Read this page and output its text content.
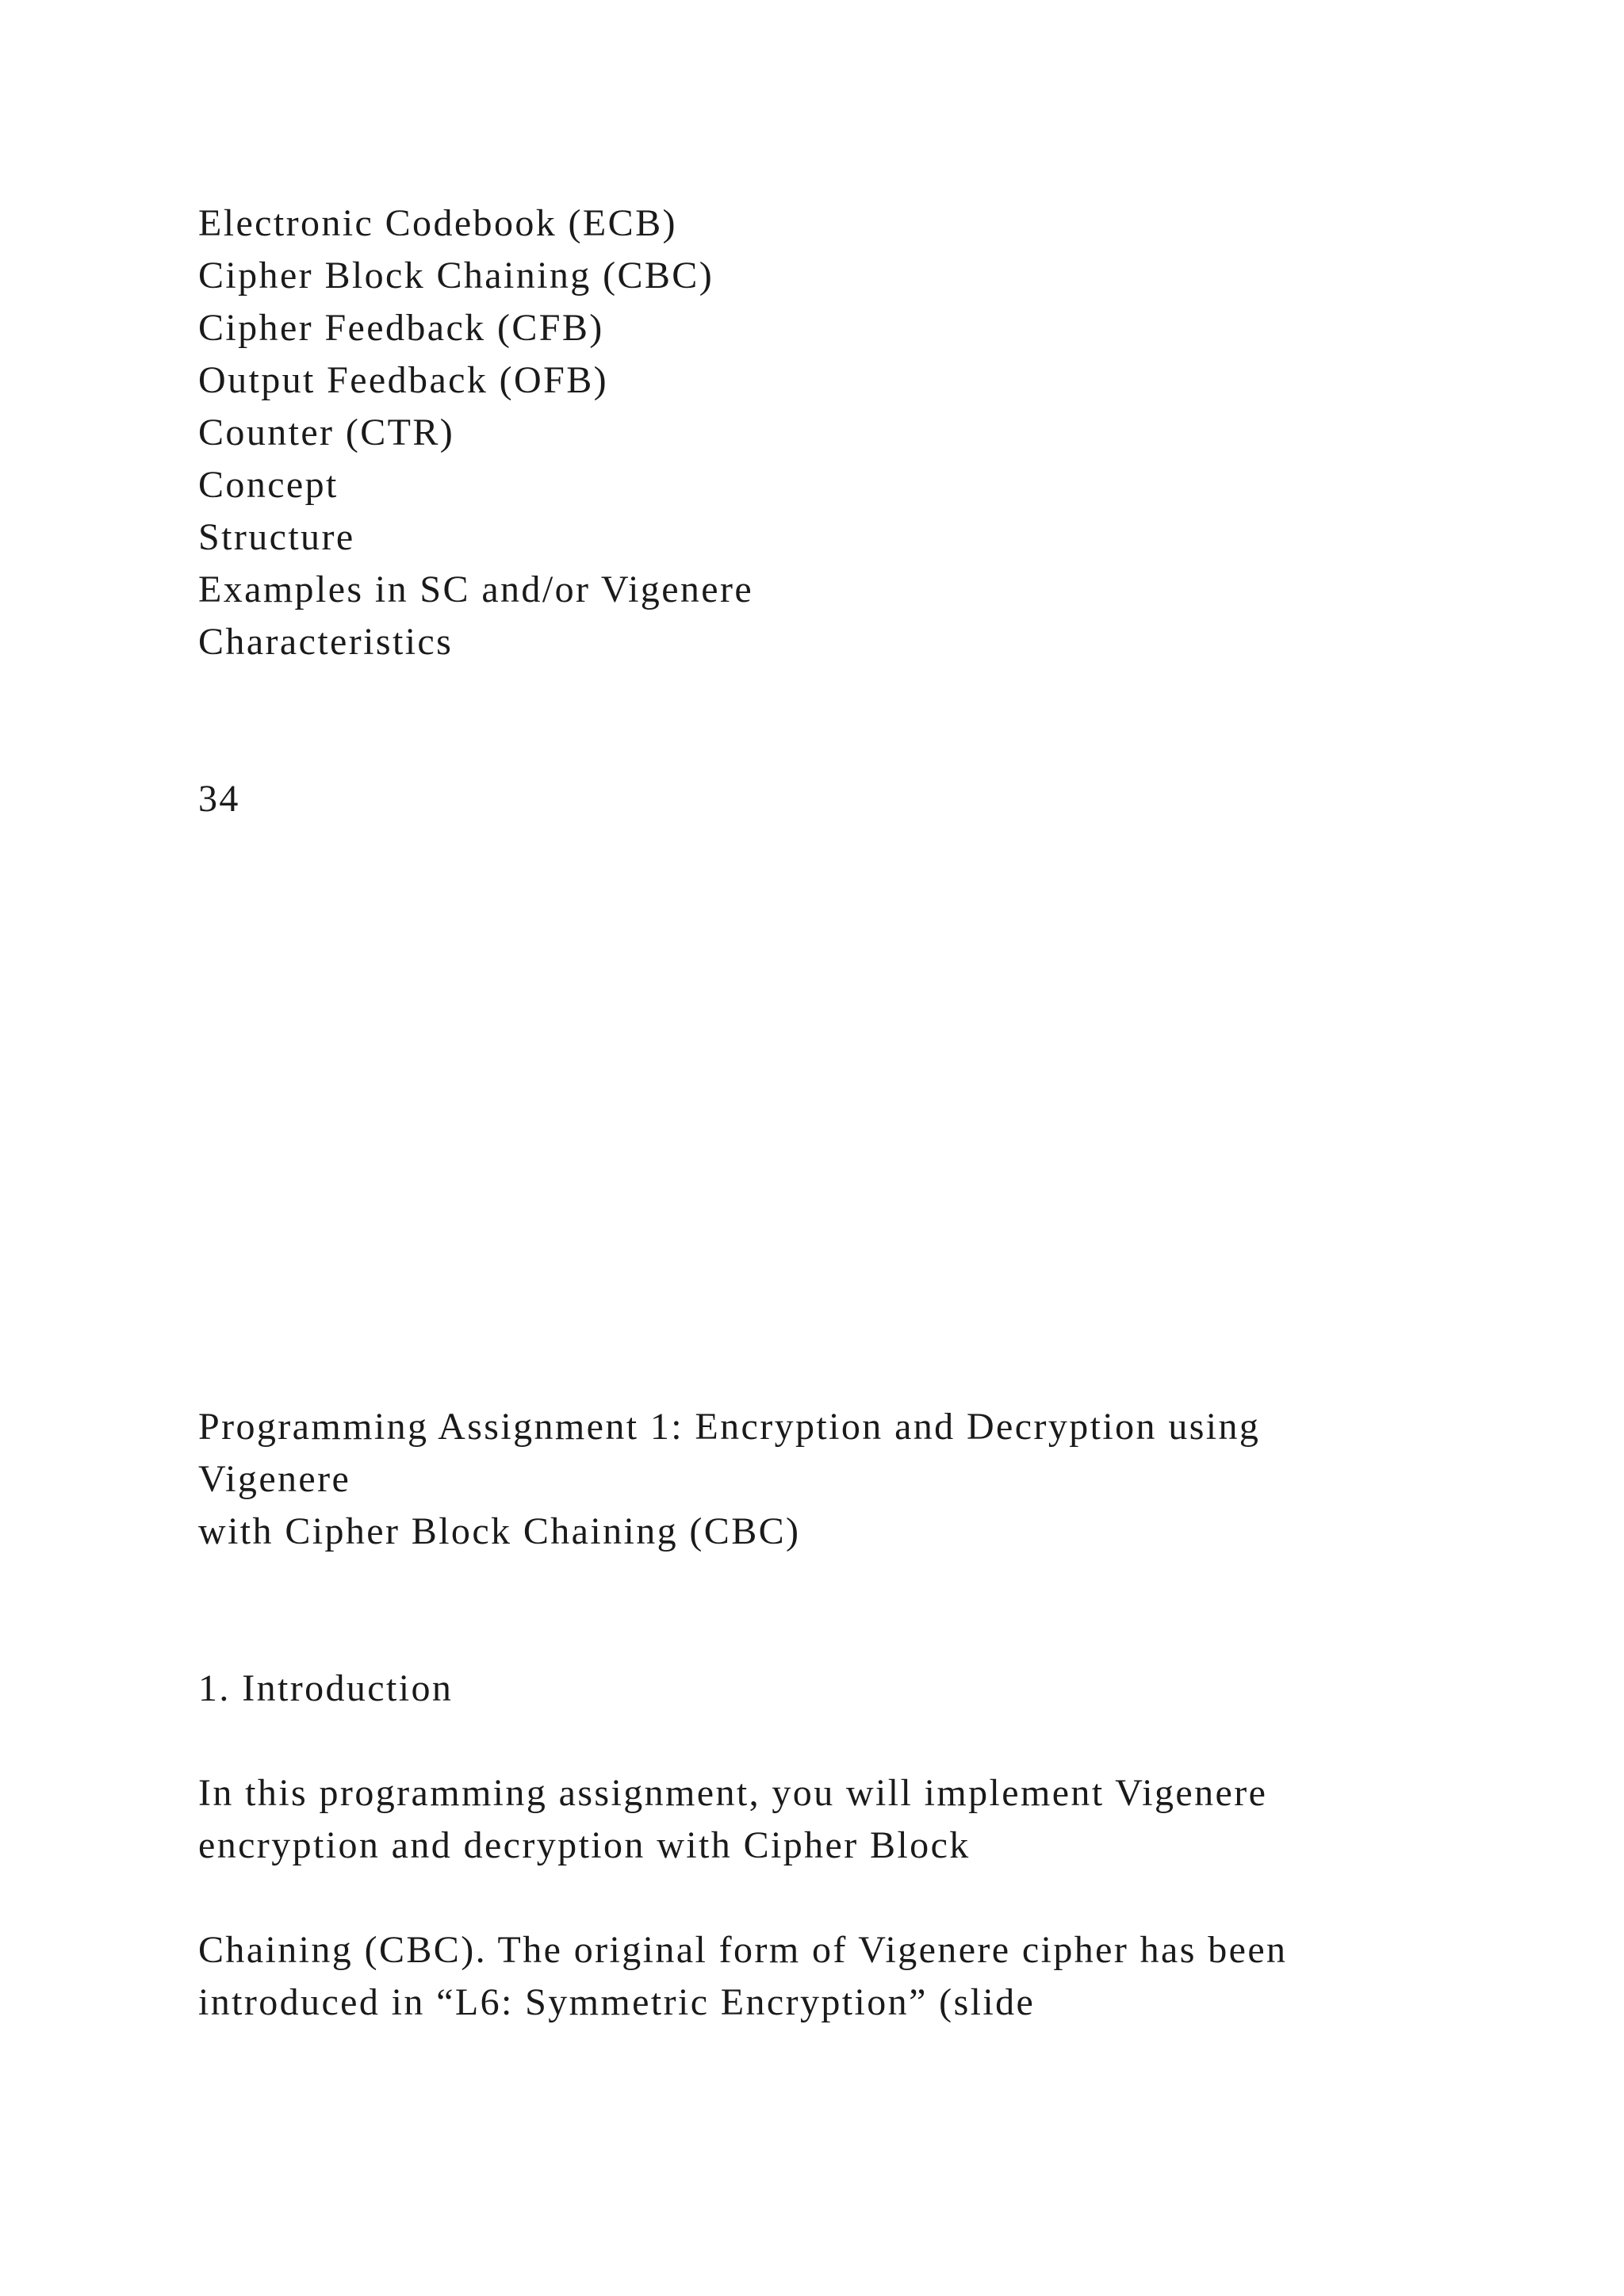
Electronic Codebook (ECB)
Cipher Block Chaining (CBC)
Cipher Feedback (CFB)
Output Feedback (OFB)
Counter (CTR)
Concept
Structure
Examples in SC and/or Vigenere
Characteristics
34
Programming Assignment 1: Encryption and Decryption using
Vigenere
with Cipher Block Chaining (CBC)
1. Introduction
In this programming assignment, you will implement Vigenere
encryption and decryption with Cipher Block
Chaining (CBC). The original form of Vigenere cipher has been
introduced in “L6: Symmetric Encryption” (slide
